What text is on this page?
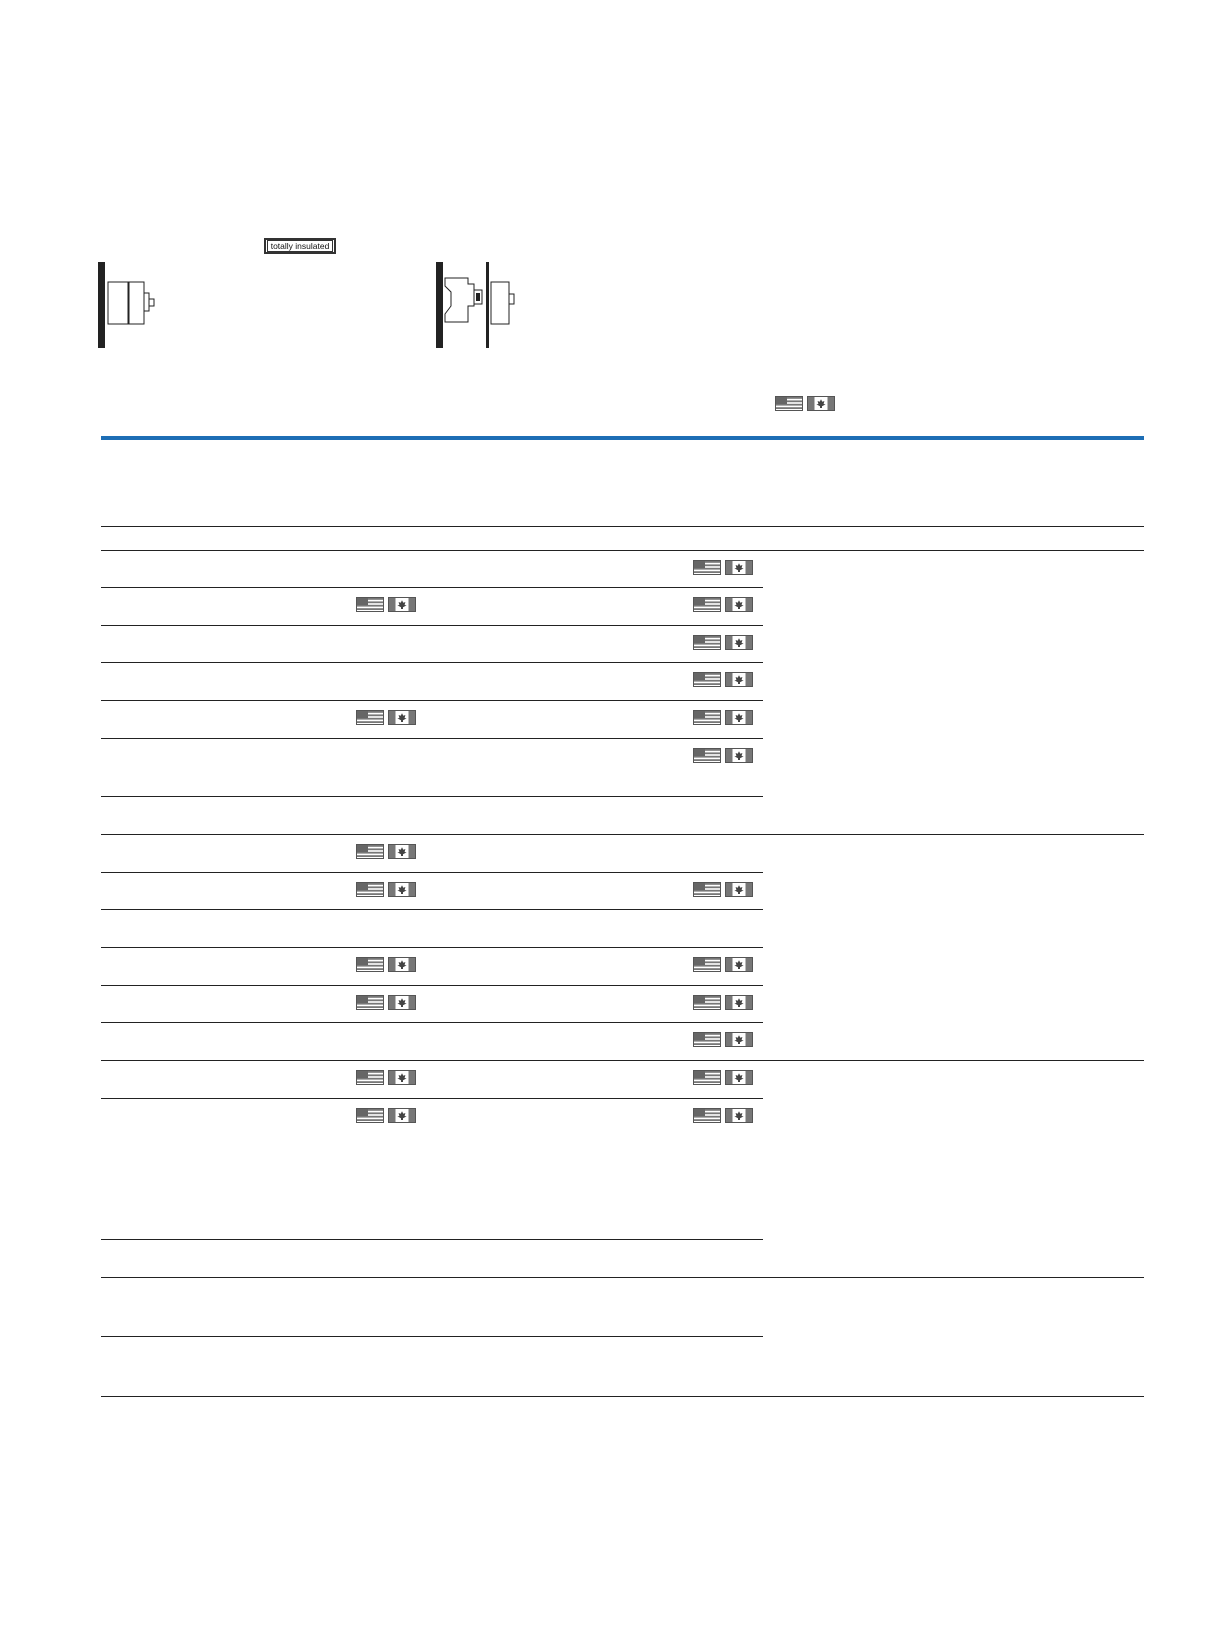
totally insulated
